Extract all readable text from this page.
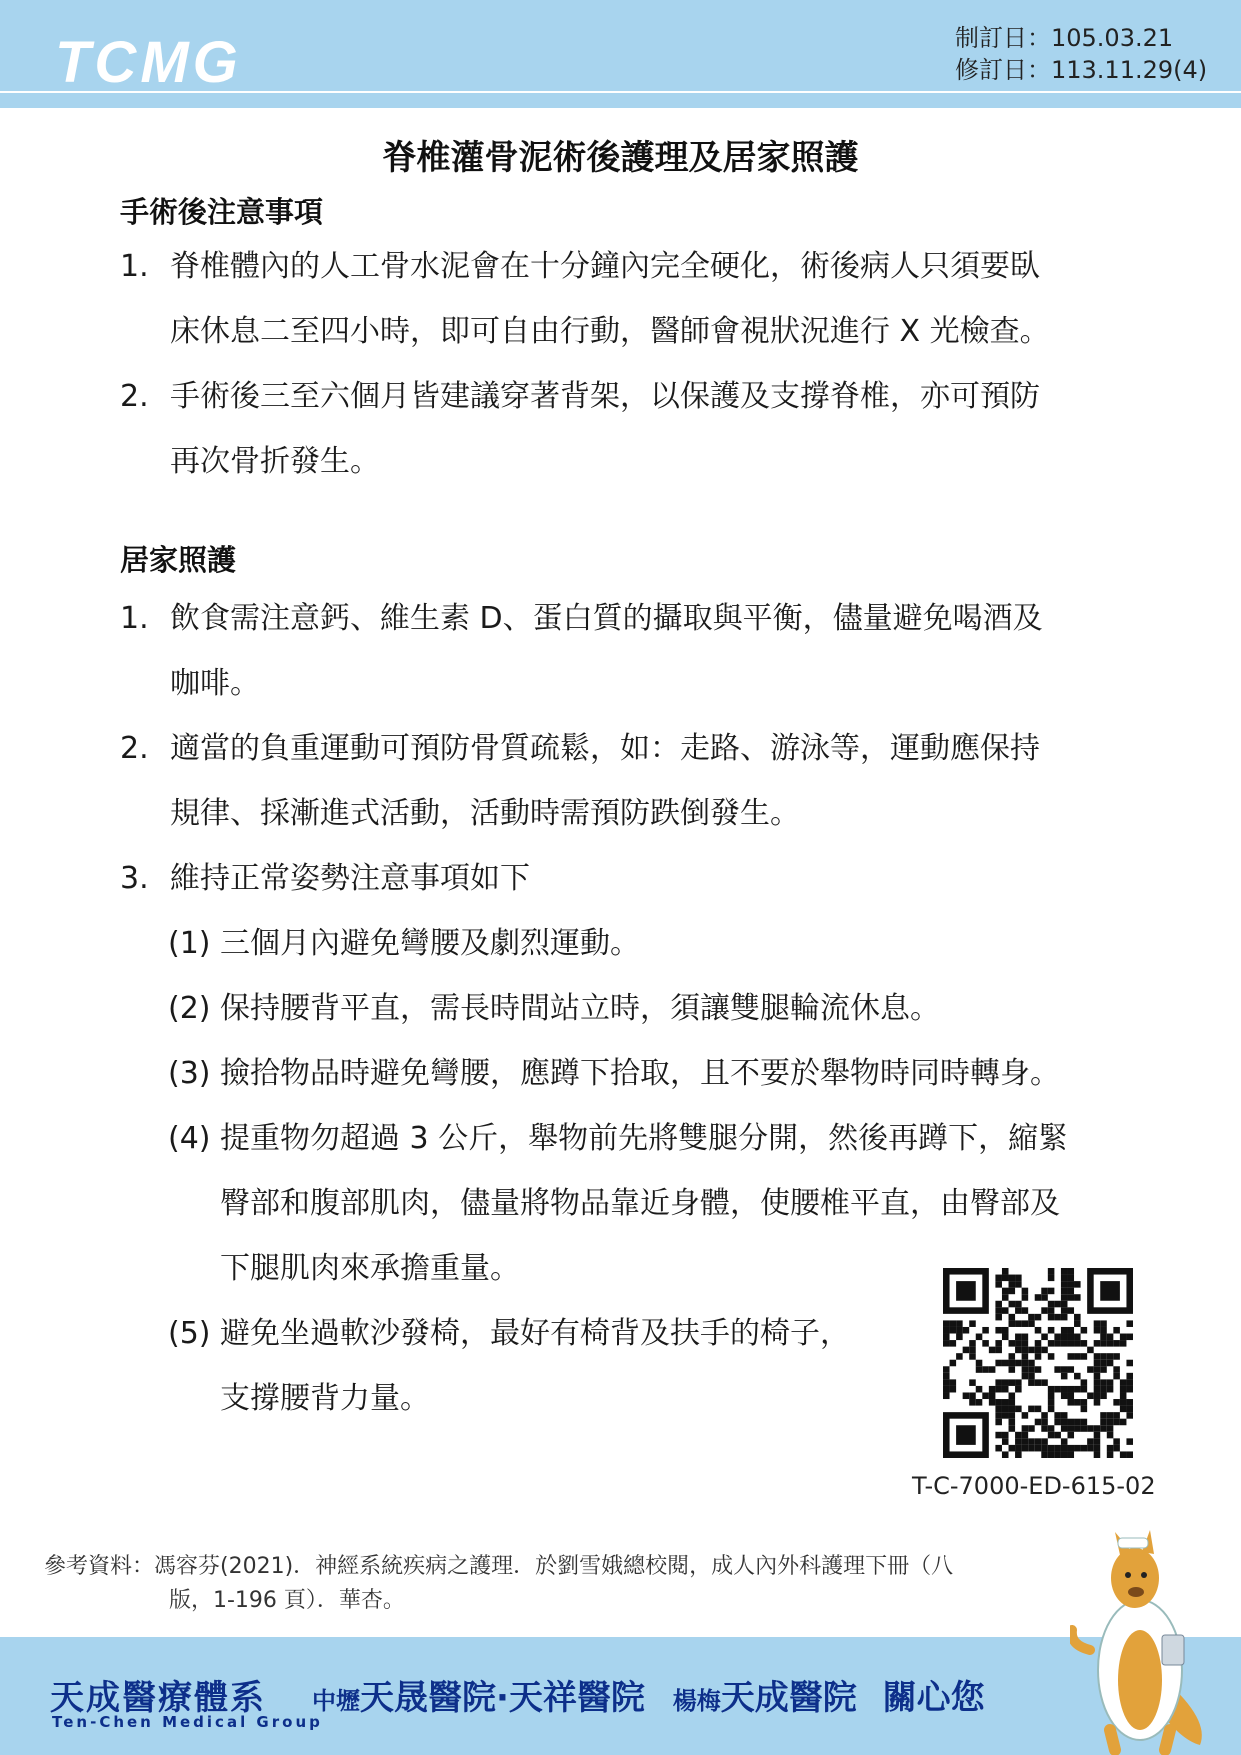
TCMG	制訂日：105.03.21
修訂日：113.11.29(4)
脊椎灌骨泥術後護理及居家照護
手術後注意事項
1. 脊椎體內的人工骨水泥會在十分鐘內完全硬化，術後病人只須要臥
床休息二至四小時，即可自由行動，醫師會視狀況進行 X 光檢查。
2. 手術後三至六個月皆建議穿著背架，以保護及支撐脊椎，亦可預防
再次骨折發生。
居家照護
1. 飲食需注意鈣、維生素 D、蛋白質的攝取與平衡，儘量避免喝酒及
咖啡。
2. 適當的負重運動可預防骨質疏鬆，如：走路、游泳等，運動應保持
規律、採漸進式活動，活動時需預防跌倒發生。
3. 維持正常姿勢注意事項如下
(1) 三個月內避免彎腰及劇烈運動。
(2) 保持腰背平直，需長時間站立時，須讓雙腿輪流休息。
(3) 撿拾物品時避免彎腰，應蹲下拾取，且不要於舉物時同時轉身。
(4) 提重物勿超過 3 公斤，舉物前先將雙腿分開，然後再蹲下，縮緊
臀部和腹部肌肉，儘量將物品靠近身體，使腰椎平直，由臀部及
下腿肌肉來承擔重量。
(5) 避免坐過軟沙發椅，最好有椅背及扶手的椅子，
支撐腰背力量。
T-C-7000-ED-615-02
參考資料：馮容芬(2021)．神經系統疾病之護理．於劉雪娥總校閱，成人內外科護理下冊（八
版，1-196 頁）．華杏。
天成醫療體系
Ten-Chen Medical Group
中壢天晟醫院·天祥醫院 楊梅天成醫院 關心您
